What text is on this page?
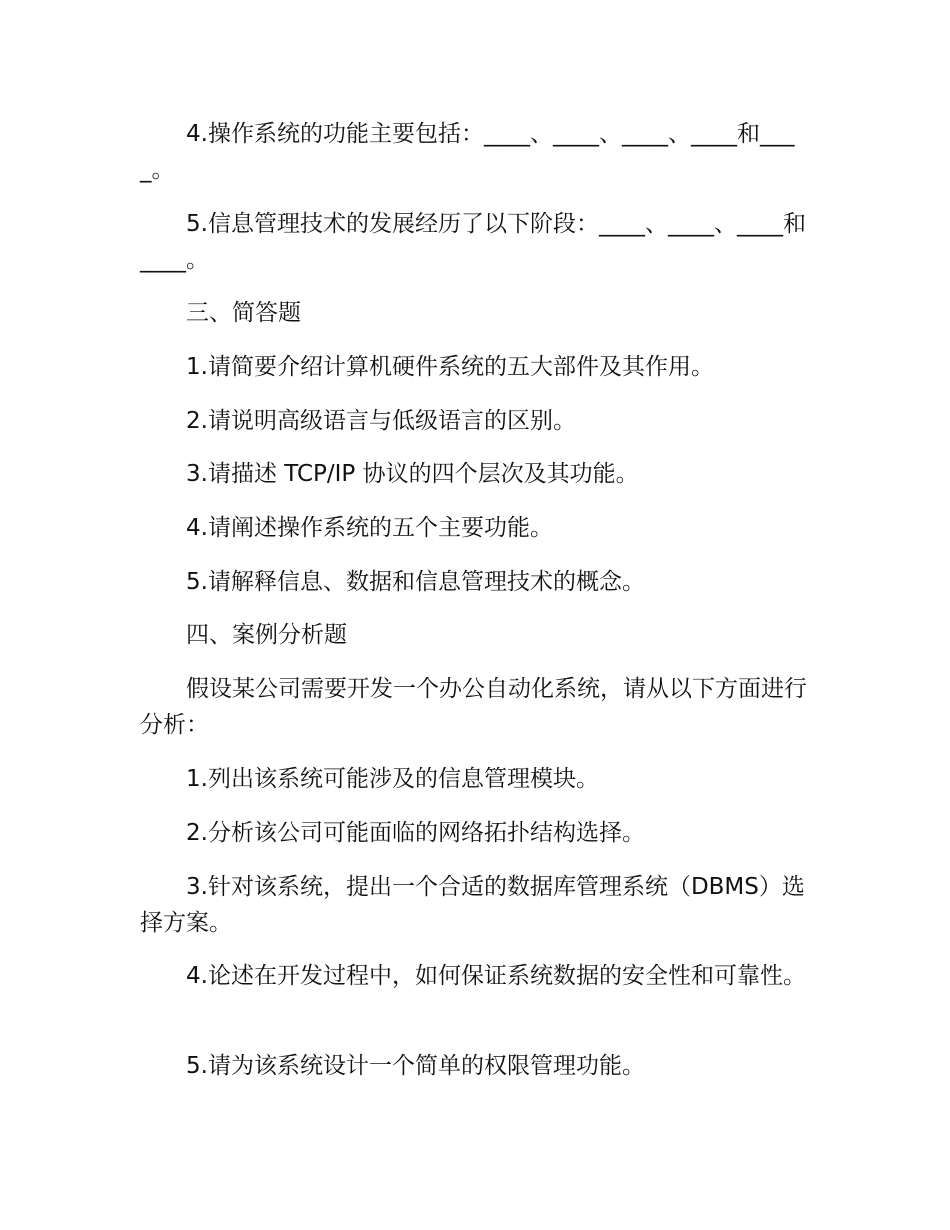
4.操作系统的功能主要包括：____、____、____、____和____。

5.信息管理技术的发展经历了以下阶段：____、____、____和____。

三、简答题

1.请简要介绍计算机硬件系统的五大部件及其作用。

2.请说明高级语言与低级语言的区别。

3.请描述 TCP/IP 协议的四个层次及其功能。

4.请阐述操作系统的五个主要功能。

5.请解释信息、数据和信息管理技术的概念。

四、案例分析题

假设某公司需要开发一个办公自动化系统，请从以下方面进行分析：

1.列出该系统可能涉及的信息管理模块。

2.分析该公司可能面临的网络拓扑结构选择。

3.针对该系统，提出一个合适的数据库管理系统（DBMS）选择方案。

4.论述在开发过程中，如何保证系统数据的安全性和可靠性。

5.请为该系统设计一个简单的权限管理功能。
